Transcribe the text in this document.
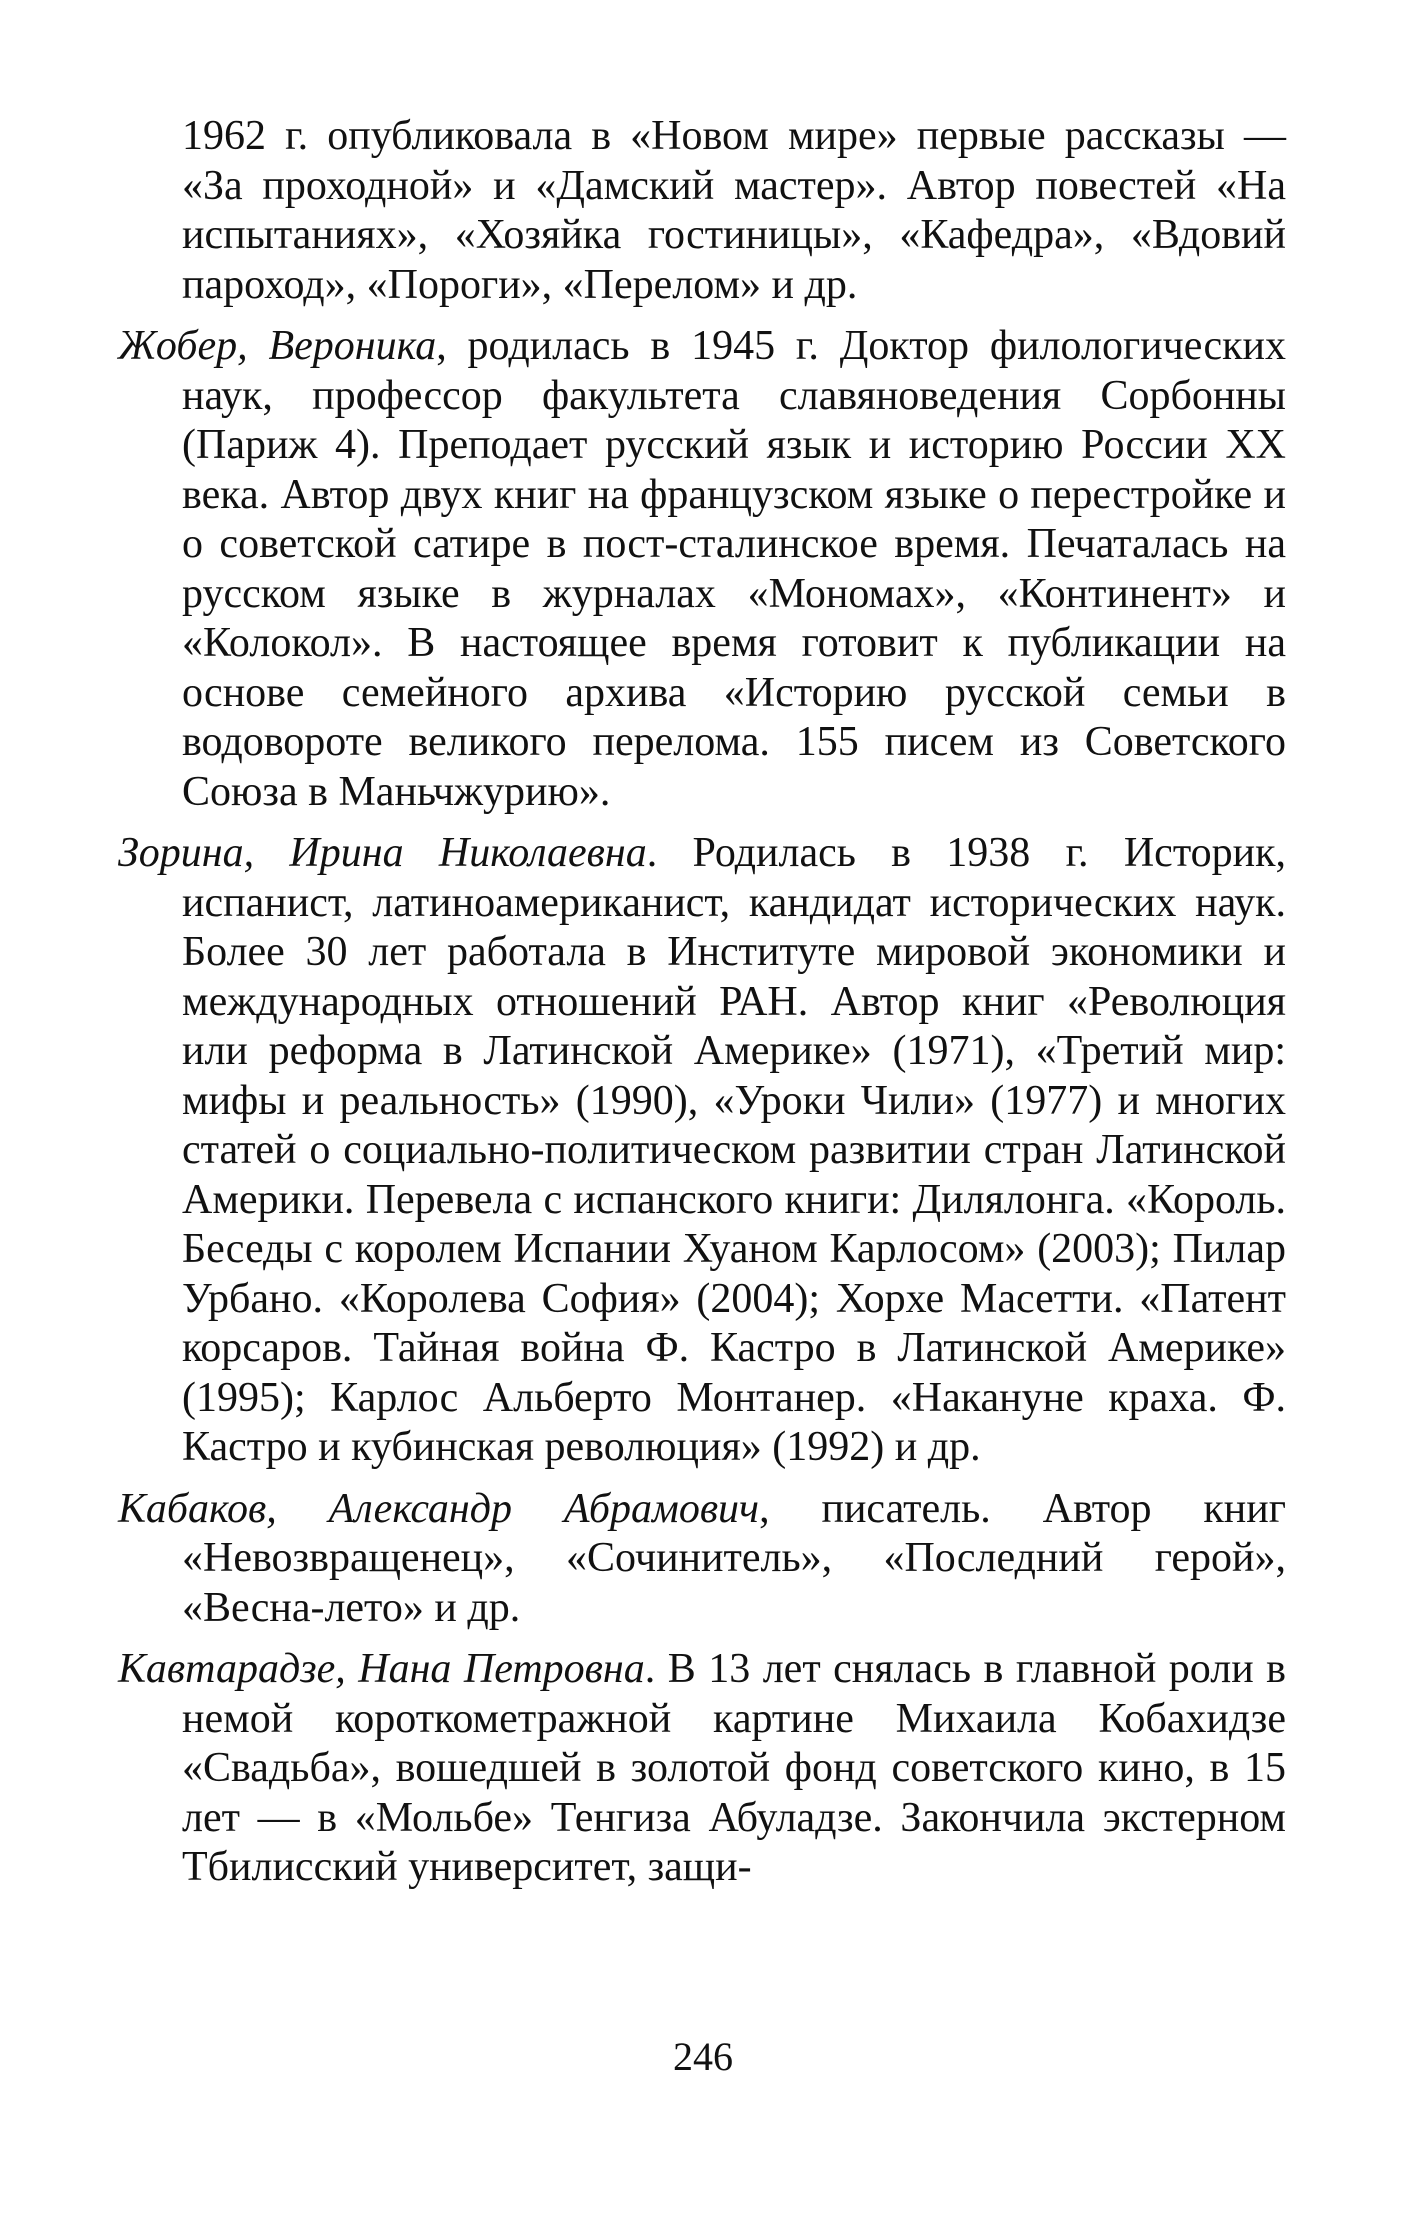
1962 г. опубликовала в «Новом мире» первые рассказы — «За проходной» и «Дамский мастер». Автор повестей «На испытаниях», «Хозяйка гостиницы», «Кафедра», «Вдовий пароход», «Пороги», «Перелом» и др.

Жобер, Вероника, родилась в 1945 г. Доктор филологических наук, профессор факультета славяноведения Сорбонны (Париж 4). Преподает русский язык и историю России XX века. Автор двух книг на французском языке о перестройке и о советской сатире в пост-сталинское время. Печаталась на русском языке в журналах «Мономах», «Континент» и «Колокол». В настоящее время готовит к публикации на основе семейного архива «Историю русской семьи в водовороте великого перелома. 155 писем из Советского Союза в Маньчжурию».

Зорина, Ирина Николаевна. Родилась в 1938 г. Историк, испанист, латиноамериканист, кандидат исторических наук. Более 30 лет работала в Институте мировой экономики и международных отношений РАН. Автор книг «Революция или реформа в Латинской Америке» (1971), «Третий мир: мифы и реальность» (1990), «Уроки Чили» (1977) и многих статей о социально-политическом развитии стран Латинской Америки. Перевела с испанского книги: Дилялонга. «Король. Беседы с королем Испании Хуаном Карлосом» (2003); Пилар Урбано. «Королева София» (2004); Хорхе Масетти. «Патент корсаров. Тайная война Ф. Кастро в Латинской Америке» (1995); Карлос Альберто Монтанер. «Накануне краха. Ф. Кастро и кубинская революция» (1992) и др.

Кабаков, Александр Абрамович, писатель. Автор книг «Невозвращенец», «Сочинитель», «Последний герой», «Весна-лето» и др.

Кавтарадзе, Нана Петровна. В 13 лет снялась в главной роли в немой короткометражной картине Михаила Кобахидзе «Свадьба», вошедшей в золотой фонд советского кино, в 15 лет — в «Мольбе» Тенгиза Абуладзе. Закончила экстерном Тбилисский университет, защи-

246
